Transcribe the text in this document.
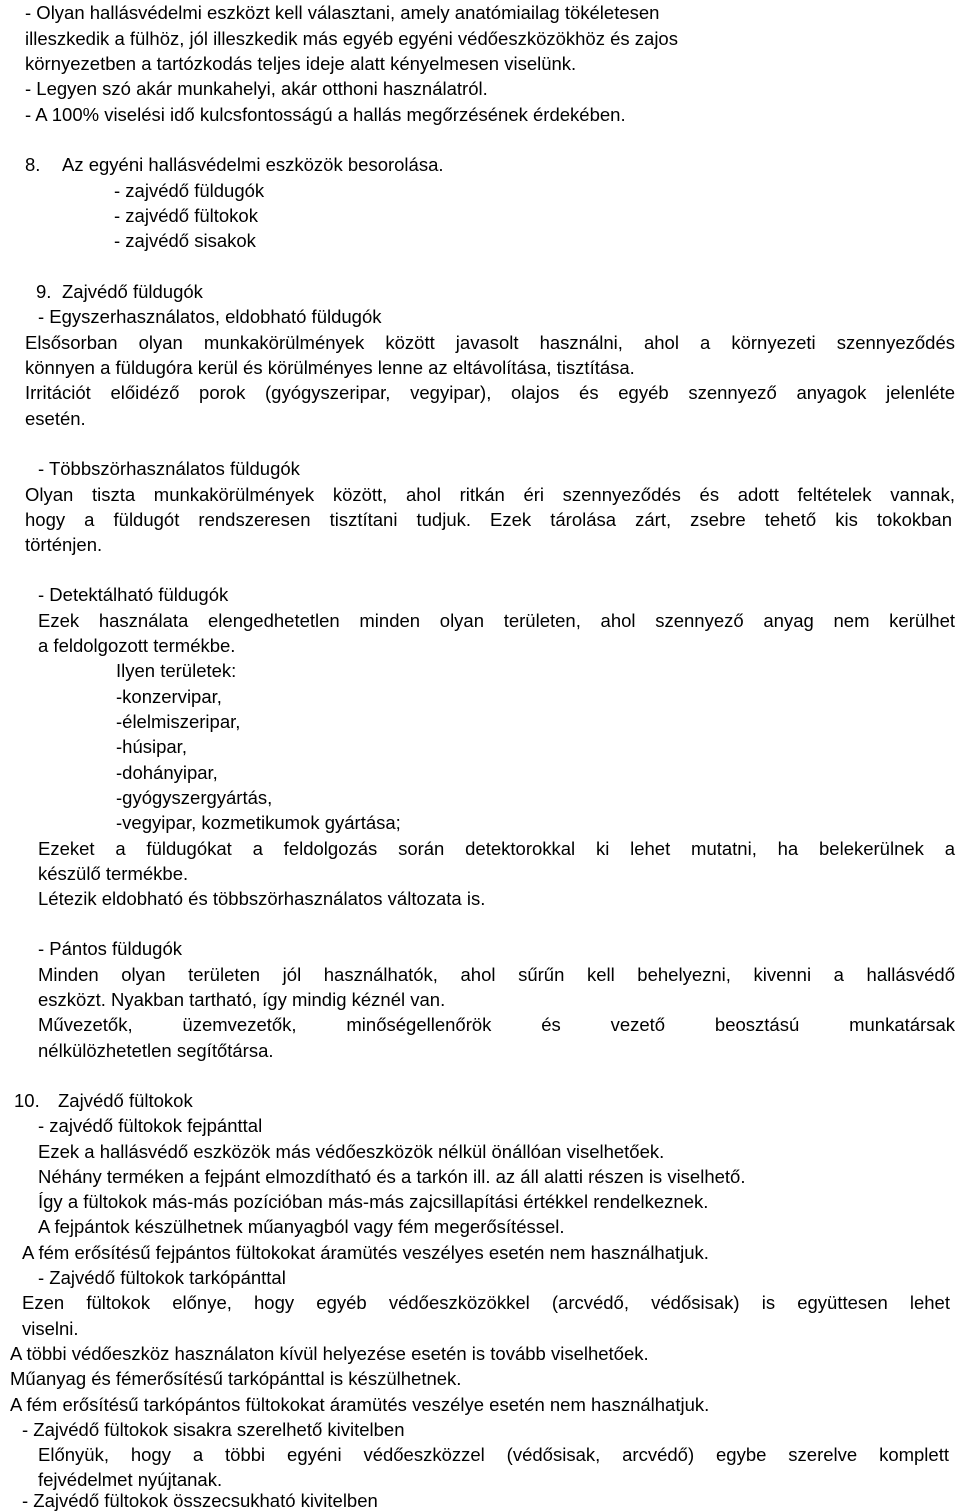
- Olyan hallásvédelmi eszközt kell választani, amely anatómiailag tökéletesen
illeszkedik a fülhöz, jól illeszkedik más egyéb egyéni védőeszközökhöz és zajos
környezetben a tartózkodás teljes ideje alatt kényelmesen viselünk.
- Legyen szó akár munkahelyi, akár otthoni használatról.
- A 100% viselési idő kulcsfontosságú a hallás megőrzésének érdekében.
8. Az egyéni hallásvédelmi eszközök besorolása.
- zajvédő füldugók
- zajvédő fültokok
- zajvédő sisakok
9. Zajvédő füldugók
- Egyszerhasználatos, eldobható füldugók
Elsősorban olyan munkakörülmények között javasolt használni, ahol a környezeti szennyeződés
könnyen a füldugóra kerül és körülményes lenne az eltávolítása, tisztítása.
Irritációt előidéző porok (gyógyszeripar, vegyipar), olajos és egyéb szennyező anyagok jelenléte
esetén.
- Többszörhasználatos füldugók
Olyan tiszta munkakörülmények között, ahol ritkán éri szennyeződés és adott feltételek vannak,
hogy a füldugót rendszeresen tisztítani tudjuk. Ezek tárolása zárt, zsebre tehető kis tokokban
történjen.
- Detektálható füldugók
Ezek használata elengedhetetlen minden olyan területen, ahol szennyező anyag nem kerülhet
a feldolgozott termékbe.
Ilyen területek:
-konzervipar,
-élelmiszeripar,
-húsipar,
-dohányipar,
-gyógyszergyártás,
-vegyipar, kozmetikumok gyártása;
Ezeket a füldugókat a feldolgozás során detektorokkal ki lehet mutatni, ha belekerülnek a
készülő termékbe.
Létezik eldobható és többszörhasználatos változata is.
- Pántos füldugók
Minden olyan területen jól használhatók, ahol sűrűn kell behelyezni, kivenni a hallásvédő
eszközt. Nyakban tartható, így mindig kéznél van.
Művezetők, üzemvezetők, minőségellenőrök és vezető beosztású munkatársak
nélkülözhetetlen segítőtársa.
10. Zajvédő fültokok
- zajvédő fültokok fejpánttal
Ezek a hallásvédő eszközök más védőeszközök nélkül önállóan viselhetőek.
Néhány terméken a fejpánt elmozdítható és a tarkón ill. az áll alatti részen is viselhető.
Így a fültokok más-más pozícióban más-más zajcsillapítási értékkel rendelkeznek.
A fejpántok készülhetnek műanyagból vagy fém megerősítéssel.
A fém erősítésű fejpántos fültokokat áramütés veszélyes esetén nem használhatjuk.
- Zajvédő fültokok tarkópánttal
Ezen fültokok előnye, hogy egyéb védőeszközökkel (arcvédő, védősisak) is együttesen lehet
viselni.
A többi védőeszköz használaton kívül helyezése esetén is tovább viselhetőek.
Műanyag és fémerősítésű tarkópánttal is készülhetnek.
A fém erősítésű tarkópántos fültokokat áramütés veszélye esetén nem használhatjuk.
- Zajvédő fültokok sisakra szerelhető kivitelben
Előnyük, hogy a többi egyéni védőeszközzel (védősisak, arcvédő) egybe szerelve komplett
fejvédelmet nyújtanak.
- Zajvédő fültokok összecsukható kivitelben
